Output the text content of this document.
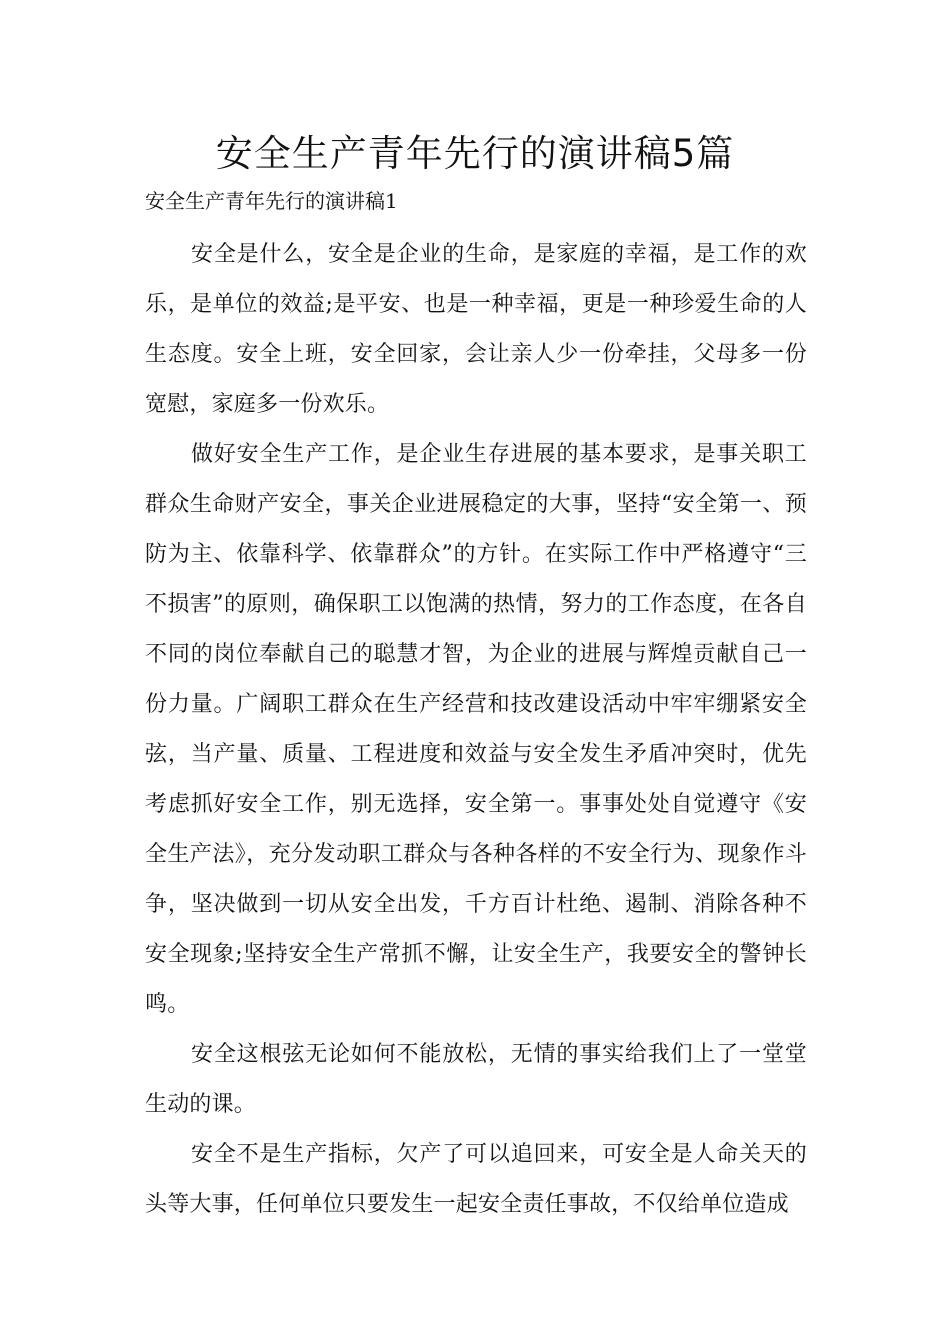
安全生产青年先行的演讲稿5篇

安全生产青年先行的演讲稿1

安全是什么，安全是企业的生命，是家庭的幸福，是工作的欢乐，是单位的效益;是平安、也是一种幸福，更是一种珍爱生命的人生态度。安全上班，安全回家，会让亲人少一份牵挂，父母多一份宽慰，家庭多一份欢乐。

做好安全生产工作，是企业生存进展的基本要求，是事关职工群众生命财产安全，事关企业进展稳定的大事，坚持“安全第一、预防为主、依靠科学、依靠群众”的方针。在实际工作中严格遵守“三不损害”的原则，确保职工以饱满的热情，努力的工作态度，在各自不同的岗位奉献自己的聪慧才智，为企业的进展与辉煌贡献自己一份力量。广阔职工群众在生产经营和技改建设活动中牢牢绷紧安全弦，当产量、质量、工程进度和效益与安全发生矛盾冲突时，优先考虑抓好安全工作，别无选择，安全第一。事事处处自觉遵守《安全生产法》，充分发动职工群众与各种各样的不安全行为、现象作斗争，坚决做到一切从安全出发，千方百计杜绝、遏制、消除各种不安全现象;坚持安全生产常抓不懈，让安全生产，我要安全的警钟长鸣。

安全这根弦无论如何不能放松，无情的事实给我们上了一堂堂生动的课。

安全不是生产指标，欠产了可以追回来，可安全是人命关天的头等大事，任何单位只要发生一起安全责任事故，不仅给单位造成
